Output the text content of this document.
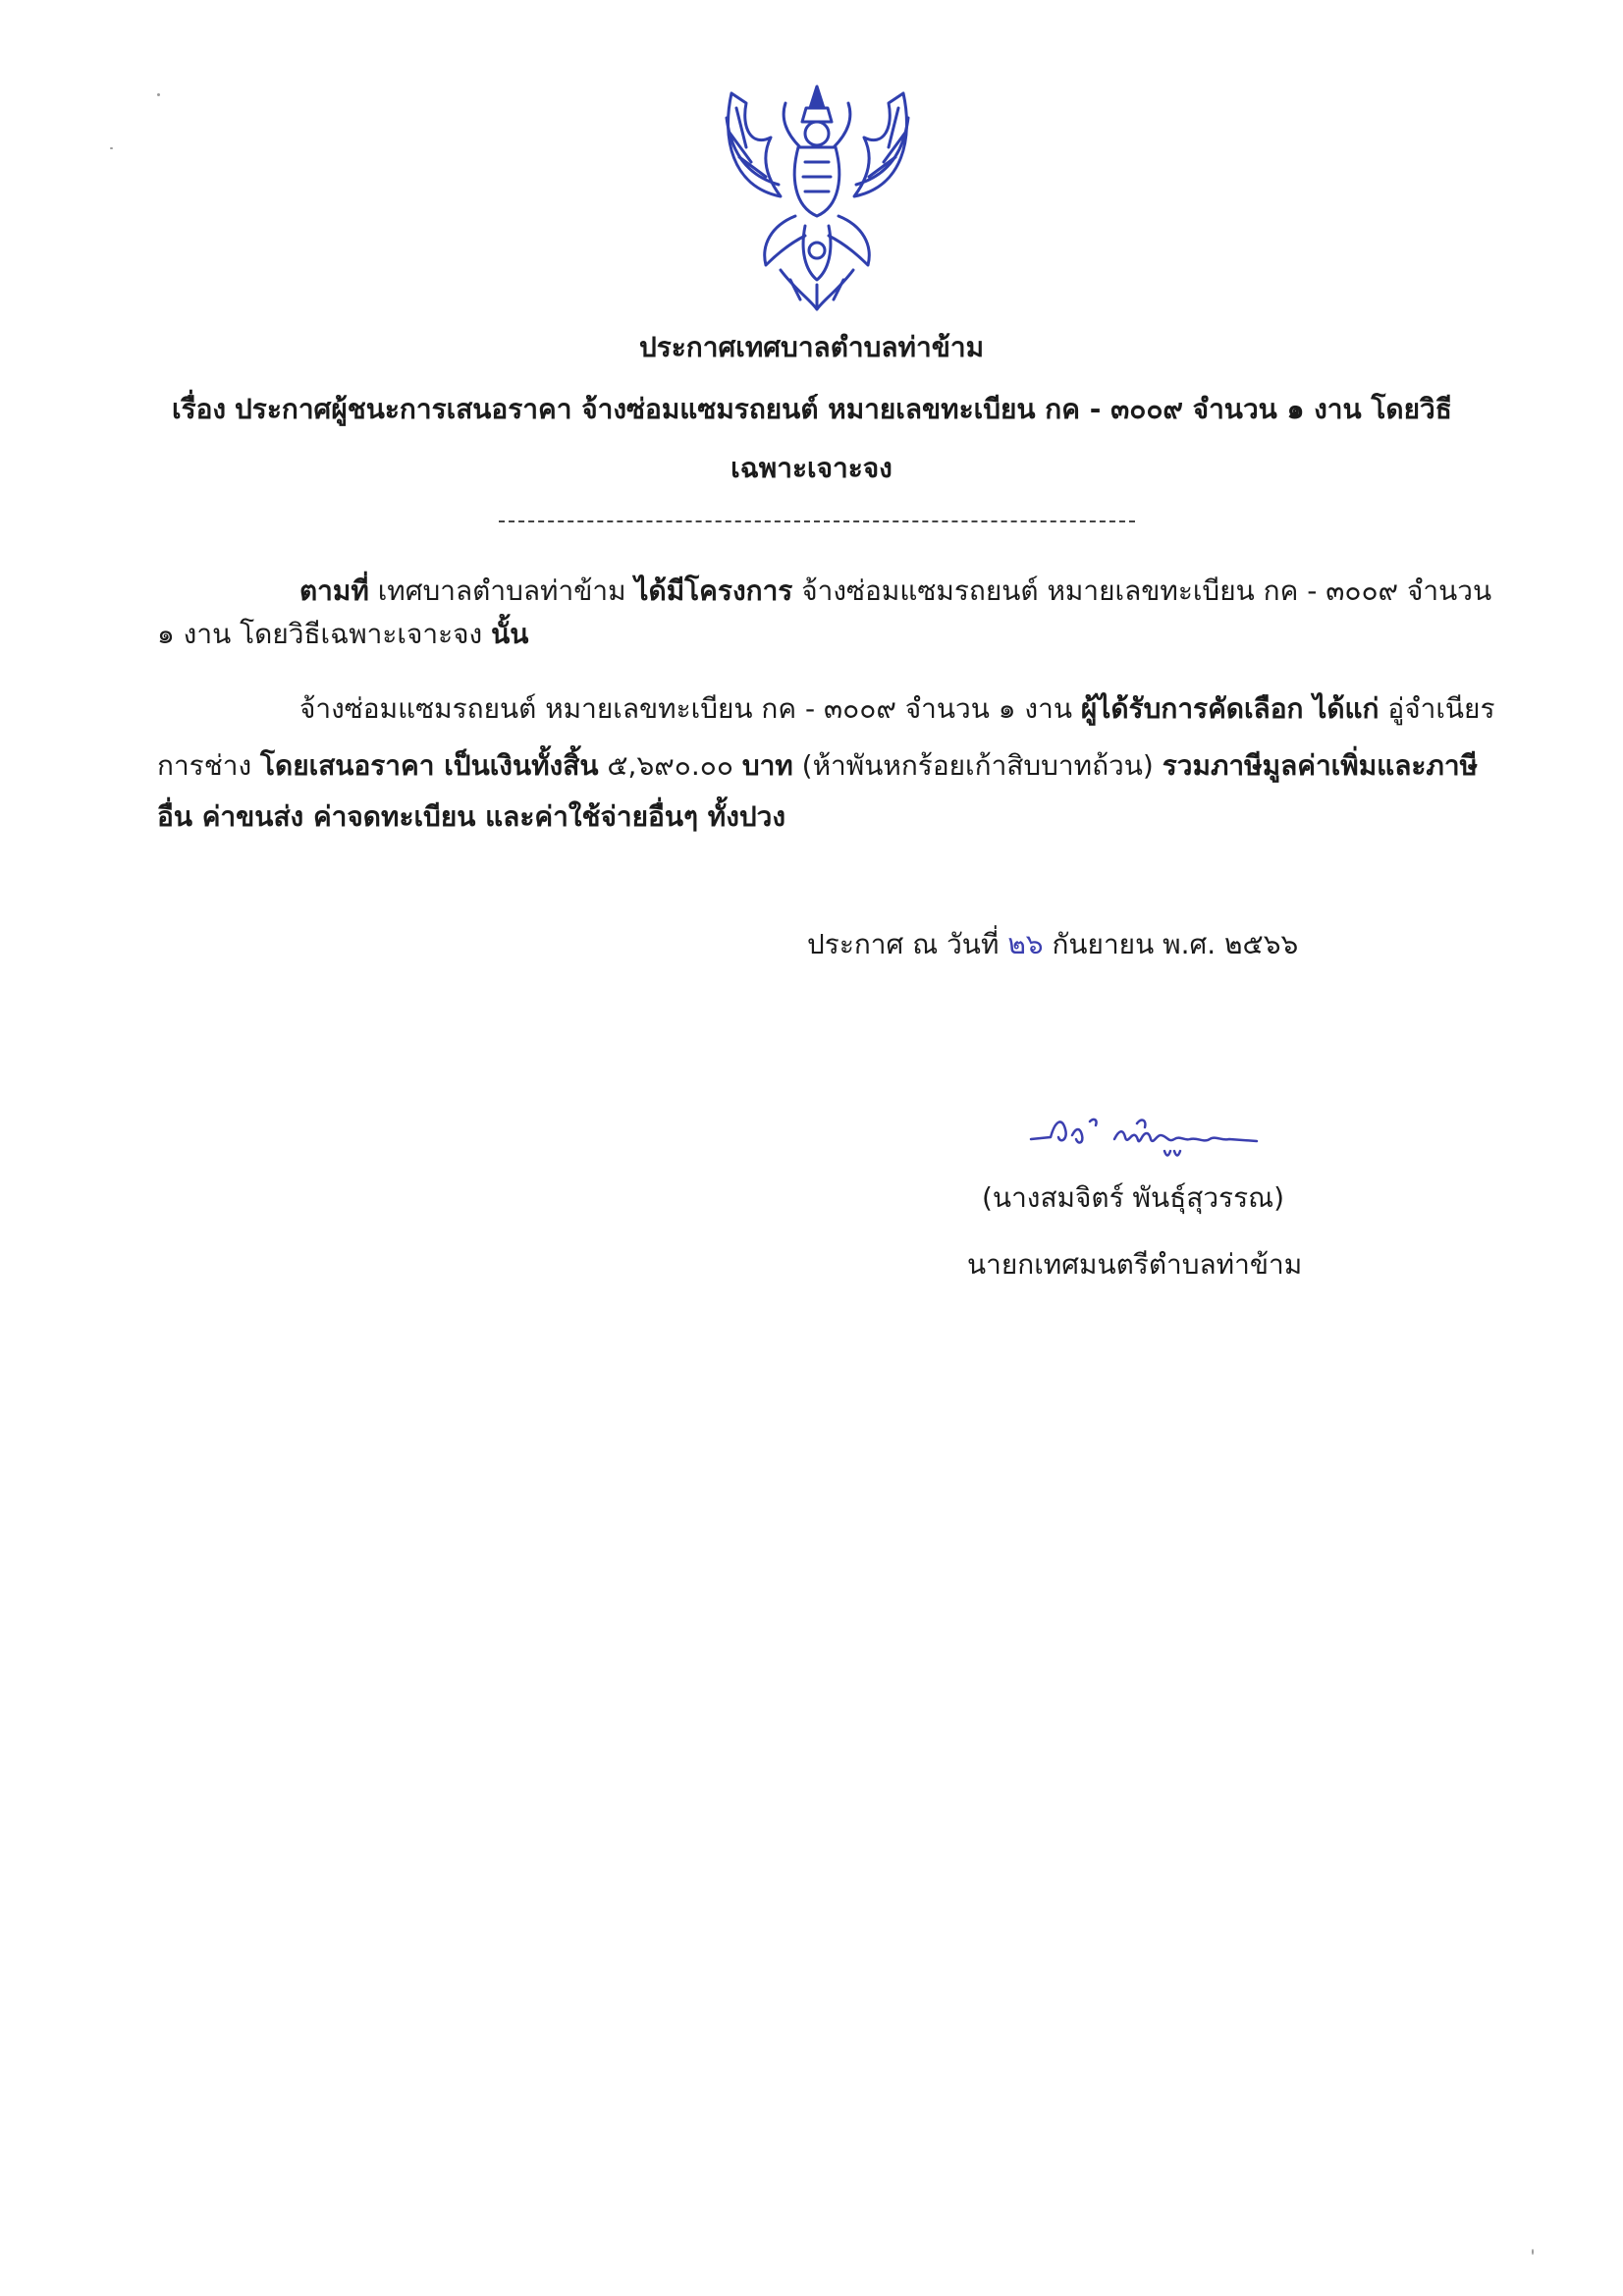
ประกาศเทศบาลตำบลท่าข้าม
เรื่อง ประกาศผู้ชนะการเสนอราคา จ้างซ่อมแซมรถยนต์ หมายเลขทะเบียน กค - ๓๐๐๙ จำนวน ๑ งาน โดยวิธี
เฉพาะเจาะจง
ตามที่ เทศบาลตำบลท่าข้าม ได้มีโครงการ จ้างซ่อมแซมรถยนต์ หมายเลขทะเบียน กค - ๓๐๐๙ จำนวน
๑ งาน โดยวิธีเฉพาะเจาะจง นั้น
จ้างซ่อมแซมรถยนต์ หมายเลขทะเบียน กค - ๓๐๐๙ จำนวน ๑ งาน ผู้ได้รับการคัดเลือก ได้แก่ อู่จำเนียร
การช่าง โดยเสนอราคา เป็นเงินทั้งสิ้น ๕,๖๙๐.๐๐ บาท (ห้าพันหกร้อยเก้าสิบบาทถ้วน) รวมภาษีมูลค่าเพิ่มและภาษี
อื่น ค่าขนส่ง ค่าจดทะเบียน และค่าใช้จ่ายอื่นๆ ทั้งปวง
ประกาศ ณ วันที่ ๒๖ กันยายน พ.ศ. ๒๕๖๖
(นางสมจิตร์ พันธุ์สุวรรณ)
นายกเทศมนตรีตำบลท่าข้าม
